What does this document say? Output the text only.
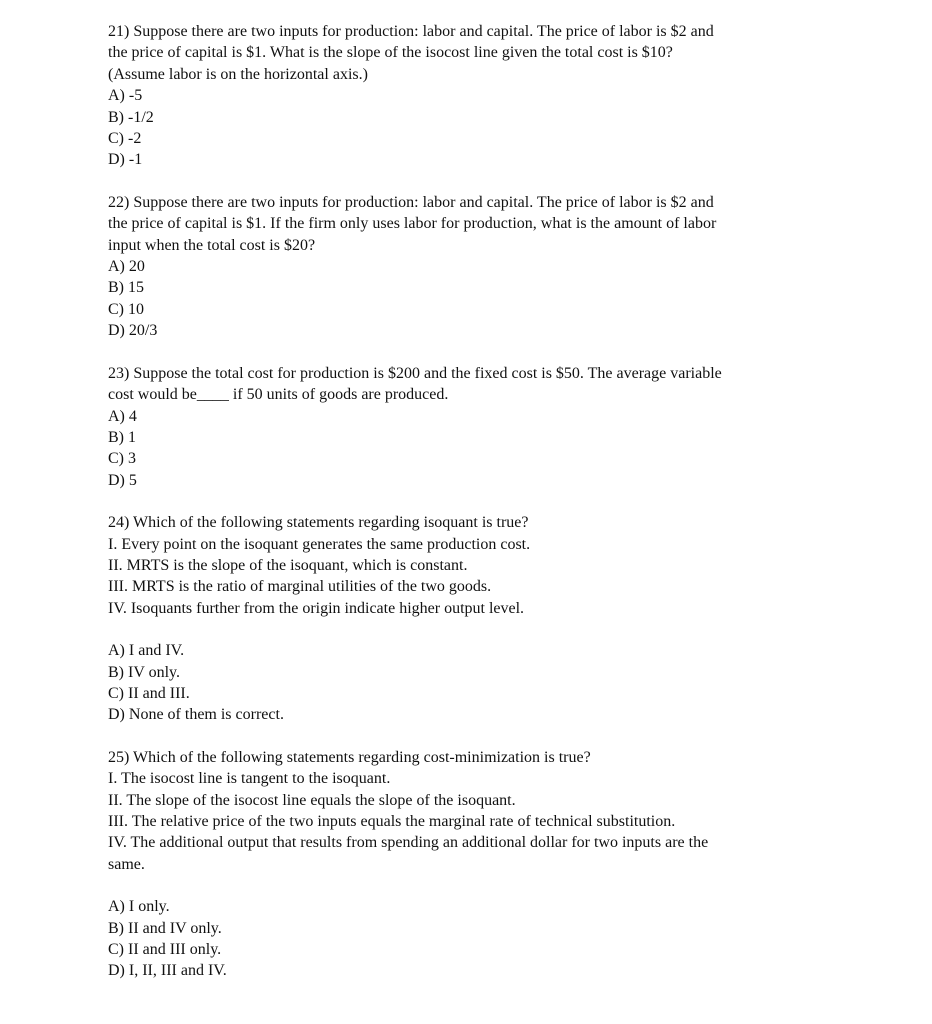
21) Suppose there are two inputs for production: labor and capital. The price of labor is $2 and
the price of capital is $1. What is the slope of the isocost line given the total cost is $10?
(Assume labor is on the horizontal axis.)
A) -5
B) -1/2
C) -2
D) -1
22) Suppose there are two inputs for production: labor and capital. The price of labor is $2 and
the price of capital is $1. If the firm only uses labor for production, what is the amount of labor
input when the total cost is $20?
A) 20
B) 15
C) 10
D) 20/3
23) Suppose the total cost for production is $200 and the fixed cost is $50. The average variable
cost would be____ if 50 units of goods are produced.
A) 4
B) 1
C) 3
D) 5
24) Which of the following statements regarding isoquant is true?
I. Every point on the isoquant generates the same production cost.
II. MRTS is the slope of the isoquant, which is constant.
III. MRTS is the ratio of marginal utilities of the two goods.
IV. Isoquants further from the origin indicate higher output level.
A) I and IV.
B) IV only.
C) II and III.
D) None of them is correct.
25) Which of the following statements regarding cost-minimization is true?
I. The isocost line is tangent to the isoquant.
II. The slope of the isocost line equals the slope of the isoquant.
III. The relative price of the two inputs equals the marginal rate of technical substitution.
IV. The additional output that results from spending an additional dollar for two inputs are the
same.
A) I only.
B) II and IV only.
C) II and III only.
D) I, II, III and IV.
